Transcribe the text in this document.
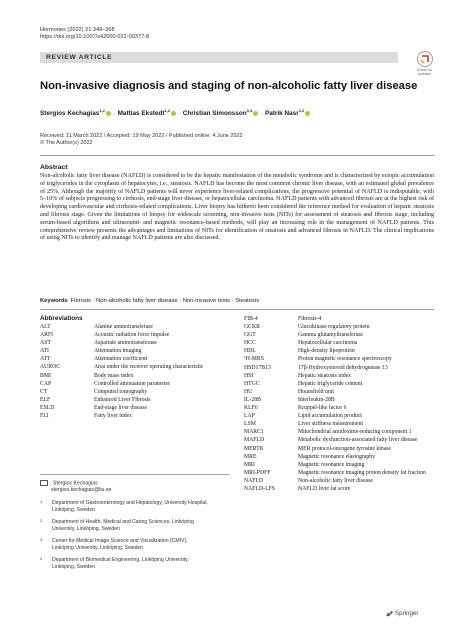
Hormones (2022) 21:349–368
https://doi.org/10.1007/s42000-022-00377-8
REVIEW ARTICLE
Check for
updates
Non-invasive diagnosis and staging of non-alcoholic fatty liver disease
Stergios Kechagias$^{1,2}$ · Mattias Ekstedt$^{1,2}$ · Christian Simonsson$^{3,4}$ · Patrik Nasr$^{1,2}$
Received: 11 March 2022 / Accepted: 19 May 2022 / Published online: 4 June 2022
© The Author(s) 2022
Abstract
Non-alcoholic fatty liver disease (NAFLD) is considered to be the hepatic manifestation of the metabolic syndrome and is characterized by ectopic accumulation of triglycerides in the cytoplasm of hepatocytes, i.e., steatosis. NAFLD has become the most common chronic liver disease, with an estimated global prevalence of 25%. Although the majority of NAFLD patients will never experience liver-related complications, the progressive potential of NAFLD is indisputable, with 5–10% of subjects progressing to cirrhosis, end-stage liver disease, or hepatocellular carcinoma. NAFLD patients with advanced fibrosis are at the highest risk of developing cardiovascular and cirrhosis-related complications. Liver biopsy has hitherto been considered the reference method for evaluation of hepatic steatosis and fibrosis stage. Given the limitations of biopsy for widescale screening, non-invasive tests (NITs) for assessment of steatosis and fibrosis stage, including serum-based algorithms and ultrasound- and magnetic resonance-based methods, will play an increasing role in the management of NAFLD patients. This comprehensive review presents the advantages and limitations of NITs for identification of steatosis and advanced fibrosis in NAFLD. The clinical implications of using NITs to identify and manage NAFLD patients are also discussed.
Keywords Fibrosis · Non-alcoholic fatty liver disease · Non-invasive tests · Steatosis
Abbreviations
ALT	Alanine aminotransferase
ARFI	Acoustic radiation force impulse
AST	Aspartate aminotransferase
ATI	Attenuation imaging
ATT	Attenuation coefficient
AUROC	Area under the receiver operating characteristic
BMI	Body mass index
CAP	Controlled attenuation parameter
CT	Computed tomography
ELF	Enhanced Liver Fibrosis
ESLD	End-stage liver disease
FLI	Fatty liver index
FIB-4	Fibrosis-4
GCKR	Glucokinase regulatory protein
GGT	Gamma glutamyltransferase
HCC	Hepatocellular carcinoma
HDL	High-density lipoprotein
¹H-MRS	Proton magnetic resonance spectroscopy
HSD17B13	17β-Hydroxysteroid dehydrogenase 13
HSI	Hepatic steatosis index
HTGC	Hepatic triglyceride content
HU	Hounsfield unit
IL-28B	Interleukin-28B
KLF6	Kruppel-like factor 6
LAP	Lipid accumulation product
LSM	Liver stiffness measurement
MARC1	Mitochondrial amidoxime-reducing component 1
MAFLD	Metabolic dysfunction-associated fatty liver disease
MERTK	MER protocol-oncogene tyrosine kinase
MRE	Magnetic resonance elastography
MRI	Magnetic resonance imaging
MRI-PDFF	Magnetic resonance imaging proton density fat fraction
NAFLD	Non-alcoholic fatty liver disease
NAFLD-LFS	NAFLD liver fat score
Stergios Kechagias
stergios.kechagias@liu.se
1 Department of Gastroenterology and Hepatology, University Hospital, Linköping, Sweden
2 Department of Health, Medical and Caring Sciences, Linköping University, Linköping, Sweden
3 Center for Medical Image Science and Visualization (CMIV), Linköping University, Linköping, Sweden
4 Department of Biomedical Engineering, Linköping University, Linköping, Sweden
Springer
